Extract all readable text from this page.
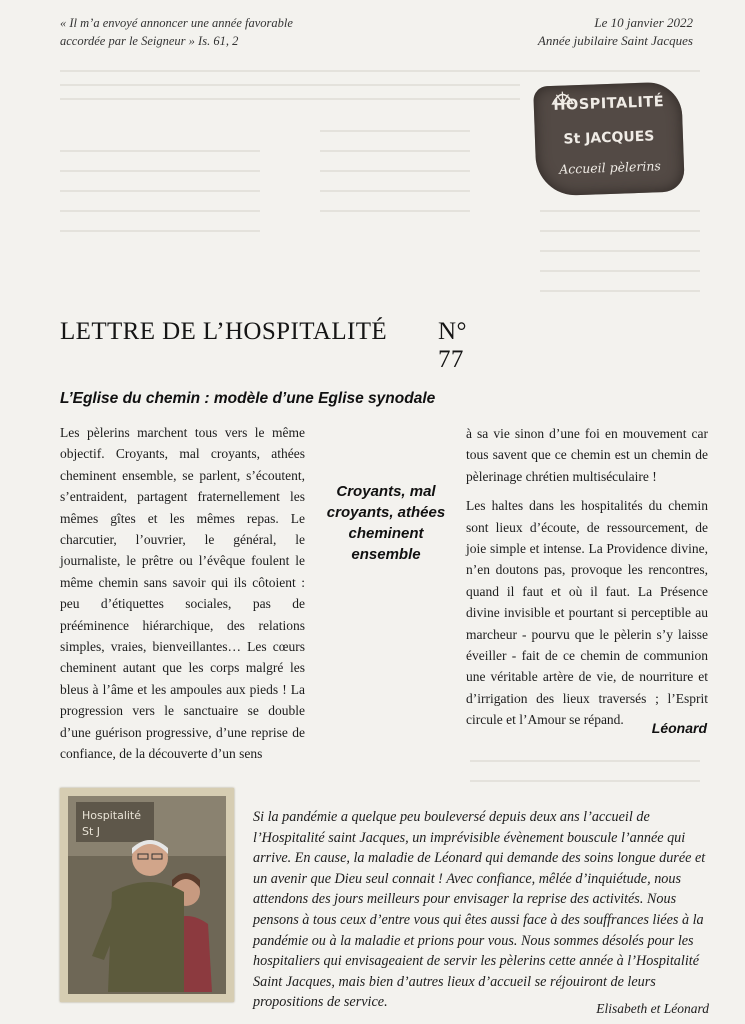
« Il m’a envoyé annoncer une année favorable
accordée par le Seigneur » Is. 61, 2
Le 10 janvier 2022
Année jubilaire Saint Jacques
HOSPITALITÉ
St JACQUES
Accueil pèlerins
LETTRE DE L’HOSPITALITÉ N° 77
L’Eglise du chemin : modèle d’une Eglise synodale

Les pèlerins marchent tous vers le même objectif. Croyants, mal croyants, athées cheminent ensemble, se parlent, s’écoutent, s’entraident, partagent fraternellement les mêmes gîtes et les mêmes repas. Le charcutier, l’ouvrier, le général, le journaliste, le prêtre ou l’évêque foulent le même chemin sans savoir qui ils côtoient : peu d’étiquettes sociales, pas de prééminence hiérarchique, des relations simples, vraies, bienveillantes… Les cœurs cheminent autant que les corps malgré les bleus à l’âme et les ampoules aux pieds ! La progression vers le sanctuaire se double d’une guérison progressive, d’une reprise de confiance, de la découverte d’un sens

Croyants, mal croyants, athées cheminent ensemble

à sa vie sinon d’une foi en mouvement car tous savent que ce chemin est un chemin de pèlerinage chrétien multiséculaire !

Les haltes dans les hospitalités du chemin sont lieux d’écoute, de ressourcement, de joie simple et intense. La Providence divine, n’en doutons pas, provoque les rencontres, quand il faut et où il faut. La Présence divine invisible et pourtant si perceptible au marcheur - pourvu que le pèlerin s’y laisse éveiller - fait de ce chemin de communion une véritable artère de vie, de nourriture et d’irrigation des lieux traversés ; l’Esprit circule et l’Amour se répand.

Léonard
Hospitalité
St J
Si la pandémie a quelque peu bouleversé depuis deux ans l’accueil de l’Hospitalité saint Jacques, un imprévisible évènement bouscule l’année qui arrive. En cause, la maladie de Léonard qui demande des soins longue durée et un avenir que Dieu seul connait ! Avec confiance, mêlée d’inquiétude, nous attendons des jours meilleurs pour envisager la reprise des activités. Nous pensons à tous ceux d’entre vous qui êtes aussi face à des souffrances liées à la pandémie ou à la maladie et prions pour vous. Nous sommes désolés pour les hospitaliers qui envisageaient de servir les pèlerins cette année à l’Hospitalité Saint Jacques, mais bien d’autres lieux d’accueil se réjouiront de leurs propositions de service.	Elisabeth et Léonard
